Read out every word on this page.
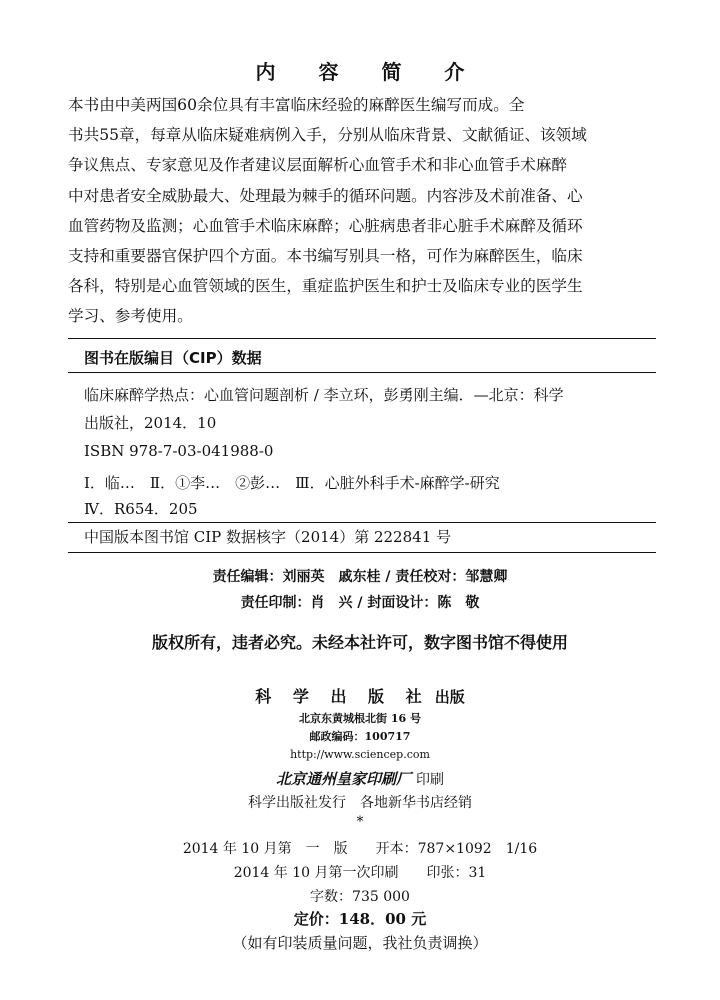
内 容 简 介
本书由中美两国60余位具有丰富临床经验的麻醉医生编写而成。全
书共55章，每章从临床疑难病例入手，分别从临床背景、文献循证、该领域
争议焦点、专家意见及作者建议层面解析心血管手术和非心血管手术麻醉
中对患者安全威胁最大、处理最为棘手的循环问题。内容涉及术前准备、心
血管药物及监测；心血管手术临床麻醉；心脏病患者非心脏手术麻醉及循环
支持和重要器官保护四个方面。本书编写别具一格，可作为麻醉医生，临床
各科，特别是心血管领域的医生，重症监护医生和护士及临床专业的医学生
学习、参考使用。
图书在版编目（CIP）数据
临床麻醉学热点：心血管问题剖析 / 李立环，彭勇刚主编．—北京：科学
出版社，2014．10
ISBN 978-7-03-041988-0
Ⅰ．临…　Ⅱ．①李…　②彭…　Ⅲ．心脏外科手术-麻醉学-研究
Ⅳ．R654．205
中国版本图书馆 CIP 数据核字（2014）第 222841 号
责任编辑：刘丽英　戚东桂 / 责任校对：邹慧卿
责任印制：肖　兴 / 封面设计：陈　敬
版权所有，违者必究。未经本社许可，数字图书馆不得使用
科 学 出 版 社 出版
北京东黄城根北街 16 号
邮政编码：100717
http://www.sciencep.com
北京通州皇家印刷厂 印刷
科学出版社发行　各地新华书店经销
*
2014 年 10 月第　一　版　　开本：787×1092　1/16
2014 年 10 月第一次印刷　　印张：31
字数：735 000
定价：148．00 元
（如有印装质量问题，我社负责调换）
